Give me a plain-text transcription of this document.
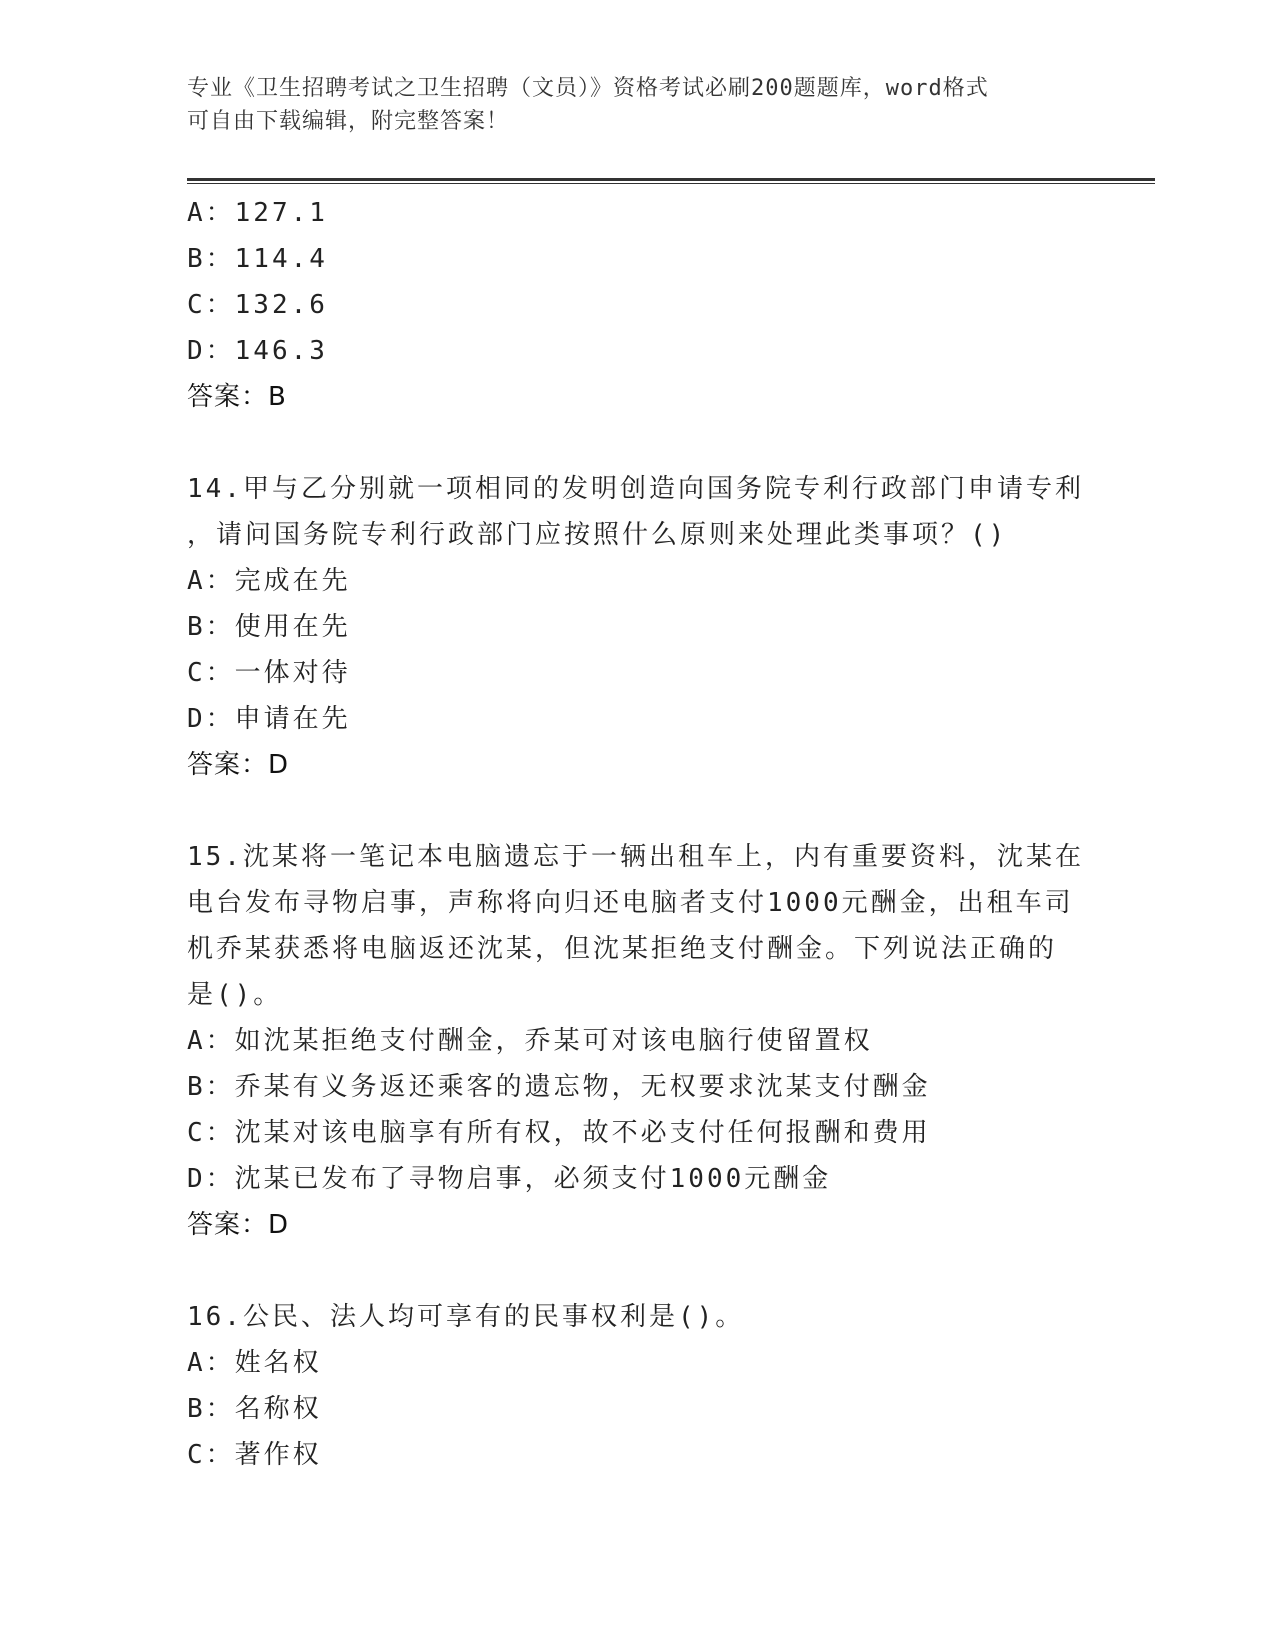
专业《卫生招聘考试之卫生招聘（文员）》资格考试必刷200题题库，word格式
可自由下载编辑，附完整答案！
A：127.1
B：114.4
C：132.6
D：146.3
答案：B
14.甲与乙分别就一项相同的发明创造向国务院专利行政部门申请专利
，请问国务院专利行政部门应按照什么原则来处理此类事项？()
A：完成在先
B：使用在先
C：一体对待
D：申请在先
答案：D
15.沈某将一笔记本电脑遗忘于一辆出租车上，内有重要资料，沈某在
电台发布寻物启事，声称将向归还电脑者支付1000元酬金，出租车司
机乔某获悉将电脑返还沈某，但沈某拒绝支付酬金。下列说法正确的
是()。
A：如沈某拒绝支付酬金，乔某可对该电脑行使留置权
B：乔某有义务返还乘客的遗忘物，无权要求沈某支付酬金
C：沈某对该电脑享有所有权，故不必支付任何报酬和费用
D：沈某已发布了寻物启事，必须支付1000元酬金
答案：D
16.公民、法人均可享有的民事权利是()。
A：姓名权
B：名称权
C：著作权
